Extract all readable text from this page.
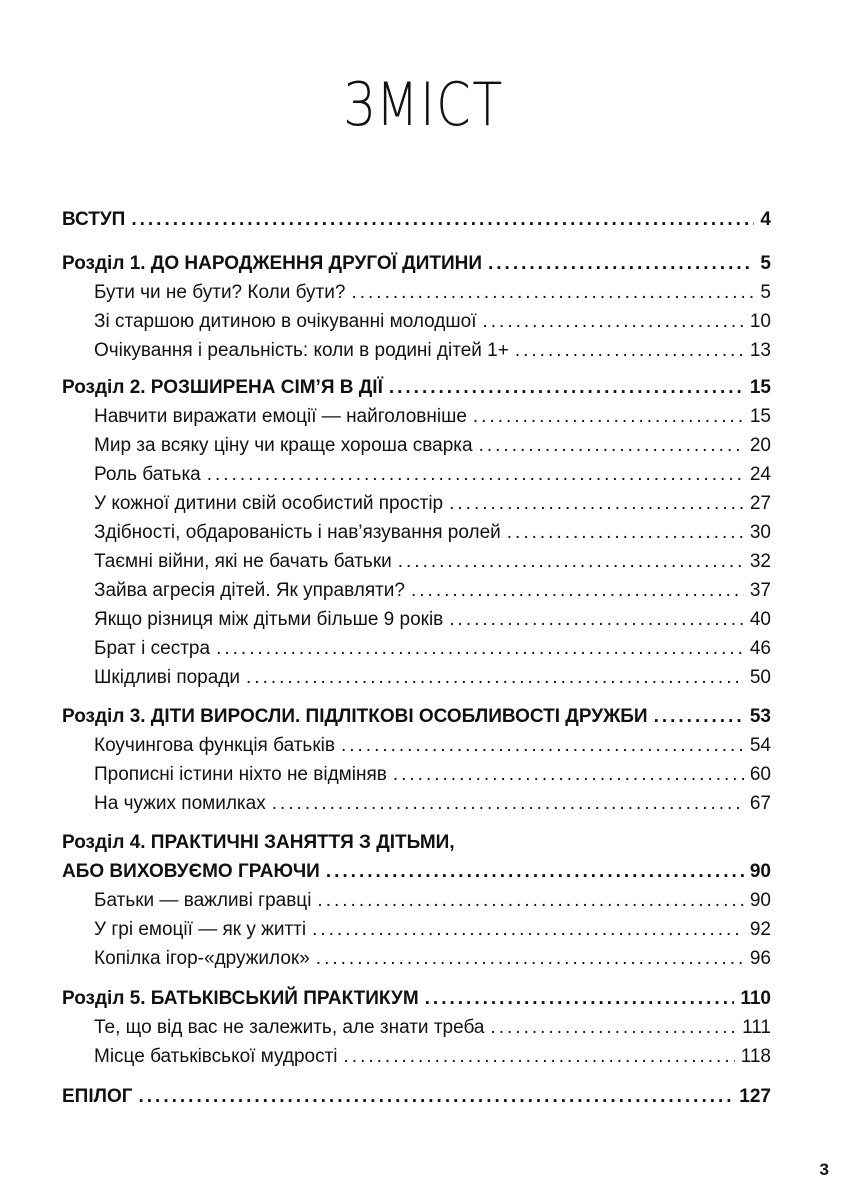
ЗМІСТ
ВСТУП .....	4
Розділ 1. ДО НАРОДЖЕННЯ ДРУГОЇ ДИТИНИ .....	5
Бути чи не бути? Коли бути? .....	5
Зі старшою дитиною в очікуванні молодшої .....	10
Очікування і реальність: коли в родині дітей 1+ .....	13
Розділ 2. РОЗШИРЕНА СІМ’Я В ДІЇ .....	15
Навчити виражати емоції — найголовніше .....	15
Мир за всяку ціну чи краще хороша сварка .....	20
Роль батька .....	24
У кожної дитини свій особистий простір .....	27
Здібності, обдарованість і нав’язування ролей .....	30
Таємні війни, які не бачать батьки .....	32
Зайва агресія дітей. Як управляти? .....	37
Якщо різниця між дітьми більше 9 років .....	40
Брат і сестра .....	46
Шкідливі поради .....	50
Розділ 3. ДІТИ ВИРОСЛИ. ПІДЛІТКОВІ ОСОБЛИВОСТІ ДРУЖБИ .....	53
Коучингова функція батьків .....	54
Прописні істини ніхто не відміняв .....	60
На чужих помилках .....	67
Розділ 4. ПРАКТИЧНІ ЗАНЯТТЯ З ДІТЬМИ,
АБО ВИХОВУЄМО ГРАЮЧИ .....	90
Батьки — важливі гравці .....	90
У грі емоції — як у житті .....	92
Копілка ігор-«дружилок» .....	96
Розділ 5. БАТЬКІВСЬКИЙ ПРАКТИКУМ .....	110
Те, що від вас не залежить, але знати треба .....	111
Місце батьківської мудрості .....	118
ЕПІЛОГ .....	127
3
